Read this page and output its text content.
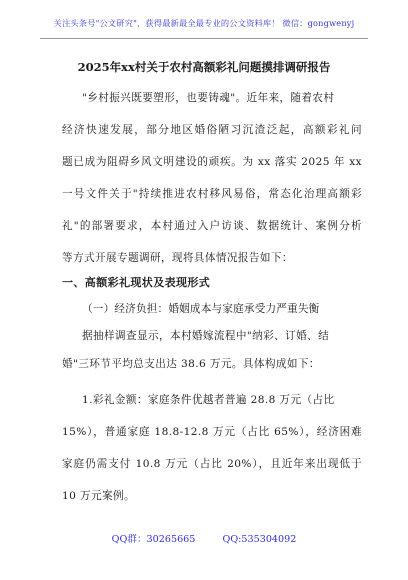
关注头条号"公文研究"，获得最新最全最专业的公文资料库！ 微信：gongwenyj
2025年xx村关于农村高额彩礼问题摸排调研报告
"乡村振兴既要塑形，也要铸魂"。近年来，随着农村
经济快速发展，部分地区婚俗陋习沉渣泛起，高额彩礼问
题已成为阻碍乡风文明建设的顽疾。为 xx 落实 2025 年 xx
一号文件关于"持续推进农村移风易俗，常态化治理高额彩
礼"的部署要求，本村通过入户访谈、数据统计、案例分析
等方式开展专题调研，现将具体情况报告如下：
一、高额彩礼现状及表现形式
（一）经济负担：婚姻成本与家庭承受力严重失衡
据抽样调查显示，本村婚嫁流程中"纳彩、订婚、结
婚"三环节平均总支出达 38.6 万元。具体构成如下：
1.彩礼金额：家庭条件优越者普遍 28.8 万元（占比
15%），普通家庭 18.8-12.8 万元（占比 65%），经济困难
家庭仍需支付 10.8 万元（占比 20%），且近年来出现低于
10 万元案例。
QQ群：30265665	QQ:535304092
